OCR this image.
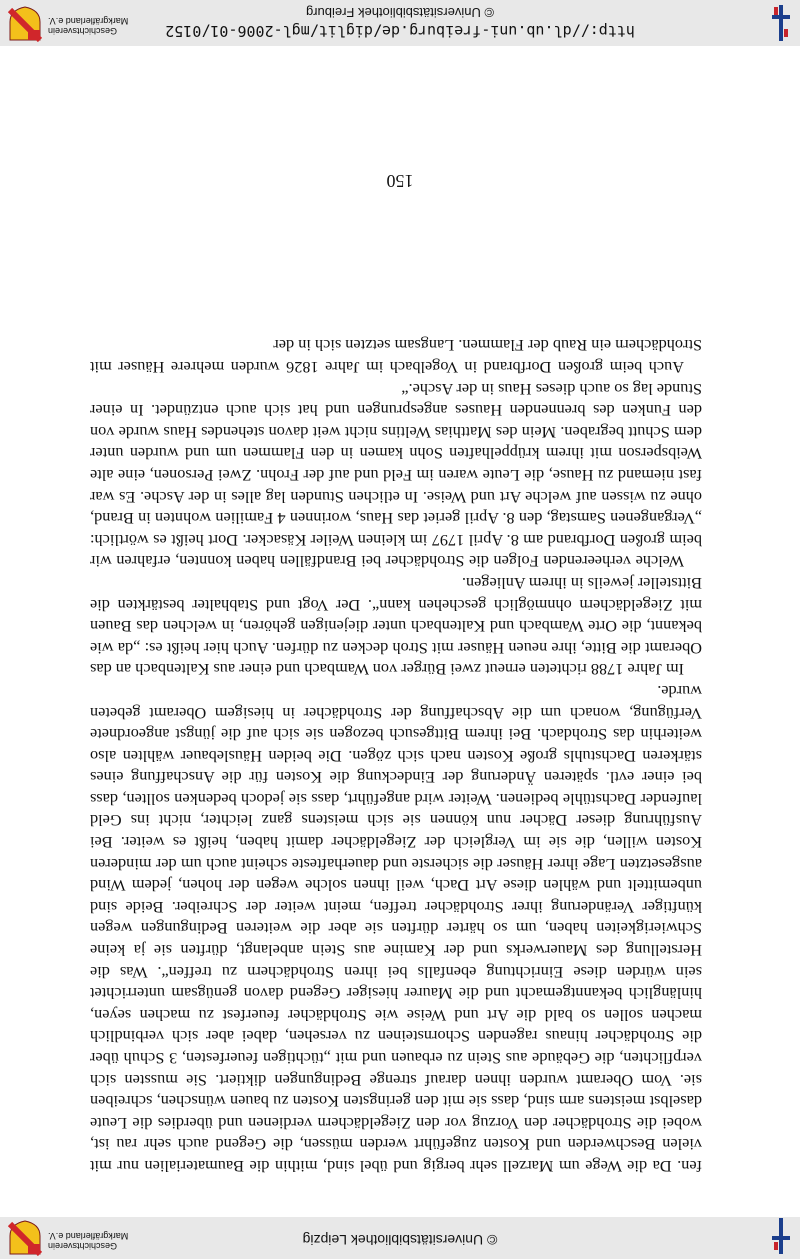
© Universitätsbibliothek Leipzig
Geschichtsverein
Markgräflerland e.V.

fen. Da die Wege um Marzell sehr bergig und übel sind, mithin die Baumaterialien nur mit vielen Beschwerden und Kosten zugeführt werden müssen, die Gegend auch sehr rau ist, wobei die Strohdächer den Vorzug vor den Ziegeldächern verdienen und überdies die Leute daselbst meistens arm sind, dass sie mit den geringsten Kosten zu bauen wünschen, schreiben sie. Vom Oberamt wurden ihnen darauf strenge Bedingungen diktiert. Sie mussten sich verpflichten, die Gebäude aus Stein zu erbauen und mit „tüchtigen feuerfesten, 3 Schuh über die Strohdächer hinaus ragenden Schornsteinen zu versehen, dabei aber sich verbindlich machen sollen so bald die Art und Weise wie Strohdächer feuerfest zu machen seyen, hinlänglich bekanntgemacht und die Maurer hiesiger Gegend davon genügsam unterrichtet sein würden diese Einrichtung ebenfalls bei ihren Strohdächern zu treffen“. Was die Herstellung des Mauerwerks und der Kamine aus Stein anbelangt, dürften sie ja keine Schwierigkeiten haben, um so härter dürften sie aber die weiteren Bedingungen wegen künftiger Veränderung ihrer Strohdächer treffen, meint weiter der Schreiber. Beide sind unbemittelt und wählen diese Art Dach, weil ihnen solche wegen der hohen, jedem Wind ausgesetzten Lage ihrer Häuser die sicherste und dauerhafteste scheint auch um der minderen Kosten willen, die sie im Vergleich der Ziegeldächer damit haben, heißt es weiter. Bei Ausführung dieser Dächer nun können sie sich meistens ganz leichter, nicht ins Geld laufender Dachstühle bedienen. Weiter wird angeführt, dass sie jedoch bedenken sollten, dass bei einer evtl. späteren Änderung der Eindeckung die Kosten für die Anschaffung eines stärkeren Dachstuhls große Kosten nach sich zögen. Die beiden Häuslebauer wählten also weiterhin das Strohdach. Bei ihrem Bittgesuch bezogen sie sich auf die jüngst angeordnete Verfügung, wonach um die Abschaffung der Strohdächer in hiesigem Oberamt gebeten wurde.

Im Jahre 1788 richteten erneut zwei Bürger von Wambach und einer aus Kaltenbach an das Oberamt die Bitte, ihre neuen Häuser mit Stroh decken zu dürfen. Auch hier heißt es: „da wie bekannt, die Orte Wambach und Kaltenbach unter diejenigen gehören, in welchen das Bauen mit Ziegeldächern ohnmöglich geschehen kann“. Der Vogt und Stabhalter bestärkten die Bittsteller jeweils in ihrem Anliegen.

Welche verheerenden Folgen die Strohdächer bei Brandfällen haben konnten, erfahren wir beim großen Dorfbrand am 8. April 1797 im kleinen Weiler Käsacker. Dort heißt es wörtlich: „Vergangenen Samstag, den 8. April geriet das Haus, worinnen 4 Familien wohnten in Brand, ohne zu wissen auf welche Art und Weise. In etlichen Stunden lag alles in der Asche. Es war fast niemand zu Hause, die Leute waren im Feld und auf der Frohn. Zwei Personen, eine alte Weibsperson mit ihrem krüppelhaften Sohn kamen in den Flammen um und wurden unter dem Schutt begraben. Mein des Matthias Weltins nicht weit davon stehendes Haus wurde von den Funken des brennenden Hauses angesprungen und hat sich auch entzündet. In einer Stunde lag so auch dieses Haus in der Asche.“

Auch beim großen Dorfbrand in Vogelbach im Jahre 1826 wurden mehrere Häuser mit Strohdächern ein Raub der Flammen. Langsam setzten sich in der

150
http://dl.ub.uni-freiburg.de/diglit/mgl-2006-01/0152
© Universitätsbibliothek Freiburg
Geschichtsverein
Markgräflerland e.V.
